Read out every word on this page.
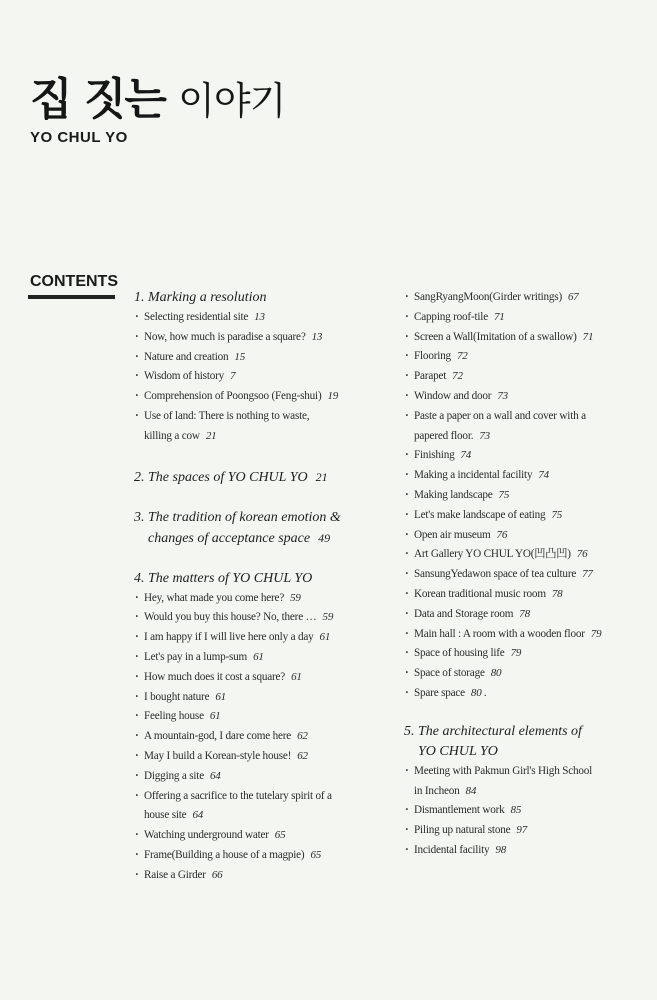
집 짓는 이야기
YO CHUL YO
CONTENTS

1. Marking a resolution

· Selecting residential site 13
· Now, how much is paradise a square? 13
· Nature and creation 15
· Wisdom of history 7
· Comprehension of Poongsoo (Feng-shui) 19
· Use of land: There is nothing to waste,
killing a cow 21

2. The spaces of YO CHUL YO 21

3. The tradition of korean emotion &
changes of acceptance space 49

4. The matters of YO CHUL YO

· Hey, what made you come here? 59
· Would you buy this house? No, there … 59
· I am happy if I will live here only a day 61
· Let's pay in a lump-sum 61
· How much does it cost a square? 61
· I bought nature 61
· Feeling house 61
· A mountain-god, I dare come here 62
· May I build a Korean-style house! 62
· Digging a site 64
· Offering a sacrifice to the tutelary spirit of a
house site 64
· Watching underground water 65
· Frame(Building a house of a magpie) 65
· Raise a Girder 66
· SangRyangMoon(Girder writings) 67
· Capping roof-tile 71
· Screen a Wall(Imitation of a swallow) 71
· Flooring 72
· Parapet 72
· Window and door 73
· Paste a paper on a wall and cover with a
papered floor. 73
· Finishing 74
· Making a incidental facility 74
· Making landscape 75
· Let's make landscape of eating 75
· Open air museum 76
· Art Gallery YO CHUL YO(凹凸凹) 76
· SansungYedawon space of tea culture 77
· Korean traditional music room 78
· Data and Storage room 78
· Main hall : A room with a wooden floor 79
· Space of housing life 79
· Space of storage 80
· Spare space 80 .

5. The architectural elements of
YO CHUL YO

· Meeting with Pakmun Girl's High School
in Incheon 84
· Dismantlement work 85
· Piling up natural stone 97
· Incidental facility 98
